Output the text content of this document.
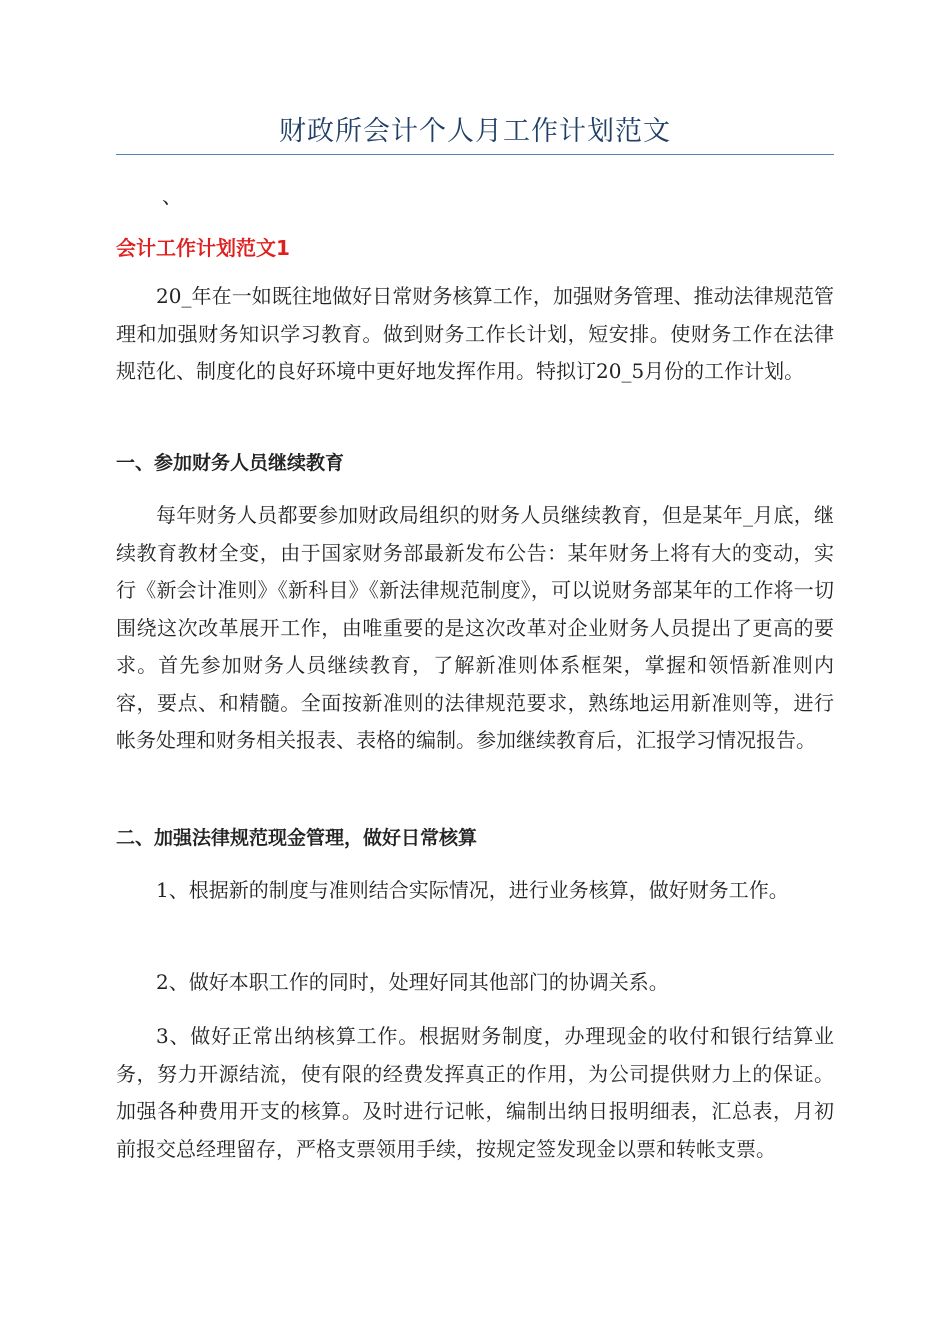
财政所会计个人月工作计划范文
、
会计工作计划范文1

20_年在一如既往地做好日常财务核算工作，加强财务管理、推动法律规范管理和加强财务知识学习教育。做到财务工作长计划，短安排。使财务工作在法律规范化、制度化的良好环境中更好地发挥作用。特拟订20_5月份的工作计划。

一、参加财务人员继续教育

每年财务人员都要参加财政局组织的财务人员继续教育，但是某年_月底，继续教育教材全变，由于国家财务部最新发布公告：某年财务上将有大的变动，实行《新会计准则》《新科目》《新法律规范制度》，可以说财务部某年的工作将一切围绕这次改革展开工作，由唯重要的是这次改革对企业财务人员提出了更高的要求。首先参加财务人员继续教育，了解新准则体系框架，掌握和领悟新准则内容，要点、和精髓。全面按新准则的法律规范要求，熟练地运用新准则等，进行帐务处理和财务相关报表、表格的编制。参加继续教育后，汇报学习情况报告。

二、加强法律规范现金管理，做好日常核算

1、根据新的制度与准则结合实际情况，进行业务核算，做好财务工作。

2、做好本职工作的同时，处理好同其他部门的协调关系。

3、做好正常出纳核算工作。根据财务制度，办理现金的收付和银行结算业务，努力开源结流，使有限的经费发挥真正的作用，为公司提供财力上的保证。加强各种费用开支的核算。及时进行记帐，编制出纳日报明细表，汇总表，月初前报交总经理留存，严格支票领用手续，按规定签发现金以票和转帐支票。
